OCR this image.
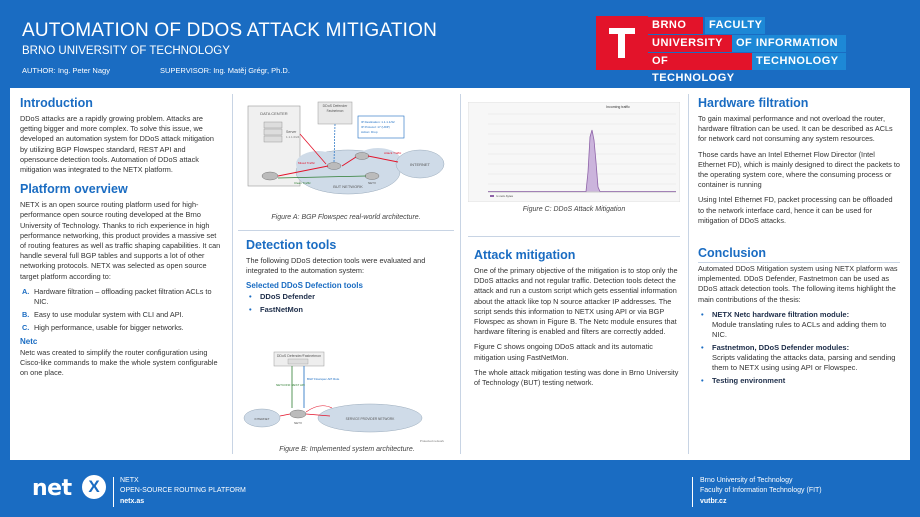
AUTOMATION OF DDOS ATTACK MITIGATION
BRNO UNIVERSITY OF TECHNOLOGY
AUTHOR: Ing. Peter Nagy	SUPERVISOR: Ing. Matěj Grégr, Ph.D.
BRNO	FACULTY
UNIVERSITY	OF INFORMATION
OF TECHNOLOGY
TECHNOLOGY
Introduction

DDoS attacks are a rapidly growing problem. Attacks are getting bigger and more complex. To solve this issue, we developed an automation system for DDoS attack mitigation by utilizing BGP Flowspec standard, REST API and opensource detection tools. Automation of DDoS attack mitigation was integrated to the NETX platform.

Platform overview

NETX is an open source routing platform used for high-performance open source routing developed at the Brno University of Technology. Thanks to rich experience in high performance networking, this product provides a massive set of routing features as well as traffic shaping capabilities. It can handle several full BGP tables and supports a lot of other networking protocols. NETX was selected as open source target platform according to:

A. Hardware filtration – offloading packet filtration ACLs to NIC.
B. Easy to use modular system with CLI and API.
C. High performance, usable for bigger networks.
Netc

Netc was created to simplify the router configuration using Cisco-like commands to make the whole system configurable on one place.

DATA CENTER
Server
1.1.1.0/24
DDoS Defender
Fastnetmon
IP Destination: 1.1.1.1/32
IP Protocol: 17 (UDP)
Action: Drop
BUT NETWORK
INTERNET
NETX
Mixed Traffic
Clean Traffic
Attack Traffic
Figure A: BGP Flowspec real-world architecture.
Detection tools

The following DDoS detection tools were evaluated and integrated to the automation system:

Selected DDoS Defection tools
• DDoS Defender
• FastNetMon
DDoS Defender/Fastnetmon
NETCONF REST API
BGP Flowspec API Rule
INTERNET
NETX
SERVICE PROVIDER NETWORK
Protected network
Figure B: Implemented system architecture.
Incoming traffic
rx.netx.bytes
Figure C: DDoS Attack Mitigation
Attack mitigation

One of the primary objective of the mitigation is to stop only the DDoS attacks and not regular traffic. Detection tools detect the attack and run a custom script which gets essential information about the attack like top N source attacker IP addresses. The script sends this information to NETX using API or via BGP Flowspec as shown in Figure B. The Netc module ensures that hardware filtering is enabled and filters are correctly added.

Figure C shows ongoing DDoS attack and its automatic mitigation using FastNetMon.

The whole attack mitigation testing was done in Brno University of Technology (BUT) testing network.

Hardware filtration

To gain maximal performance and not overload the router, hardware filtration can be used. It can be described as ACLs for network card not consuming any system resources.

Those cards have an Intel Ethernet Flow Director (Intel Ethernet FD), which is mainly designed to direct the packets to the operating system core, where the consuming process or container is running

Using Intel Ethernet FD, packet processing can be offloaded to the network interface card, hence it can be used for mitigation of DDoS attacks.

Conclusion

Automated DDoS Mitigation system using NETX platform was implemented. DDoS Defender, Fastnetmon can be used as DDoS attack detection tools. The following items highlight the main contributions of the thesis:

• NETX Netc hardware filtration module:
Module translating rules to ACLs and adding them to NIC.
• Fastnetmon, DDoS Defender modules:
Scripts validating the attacks data, parsing and sending them to NETX using using API or Flowspec.
• Testing environment
net X	NETX
OPEN-SOURCE ROUTING PLATFORM
netx.as
Brno University of Technology
Faculty of Information Technology (FIT)
vutbr.cz
